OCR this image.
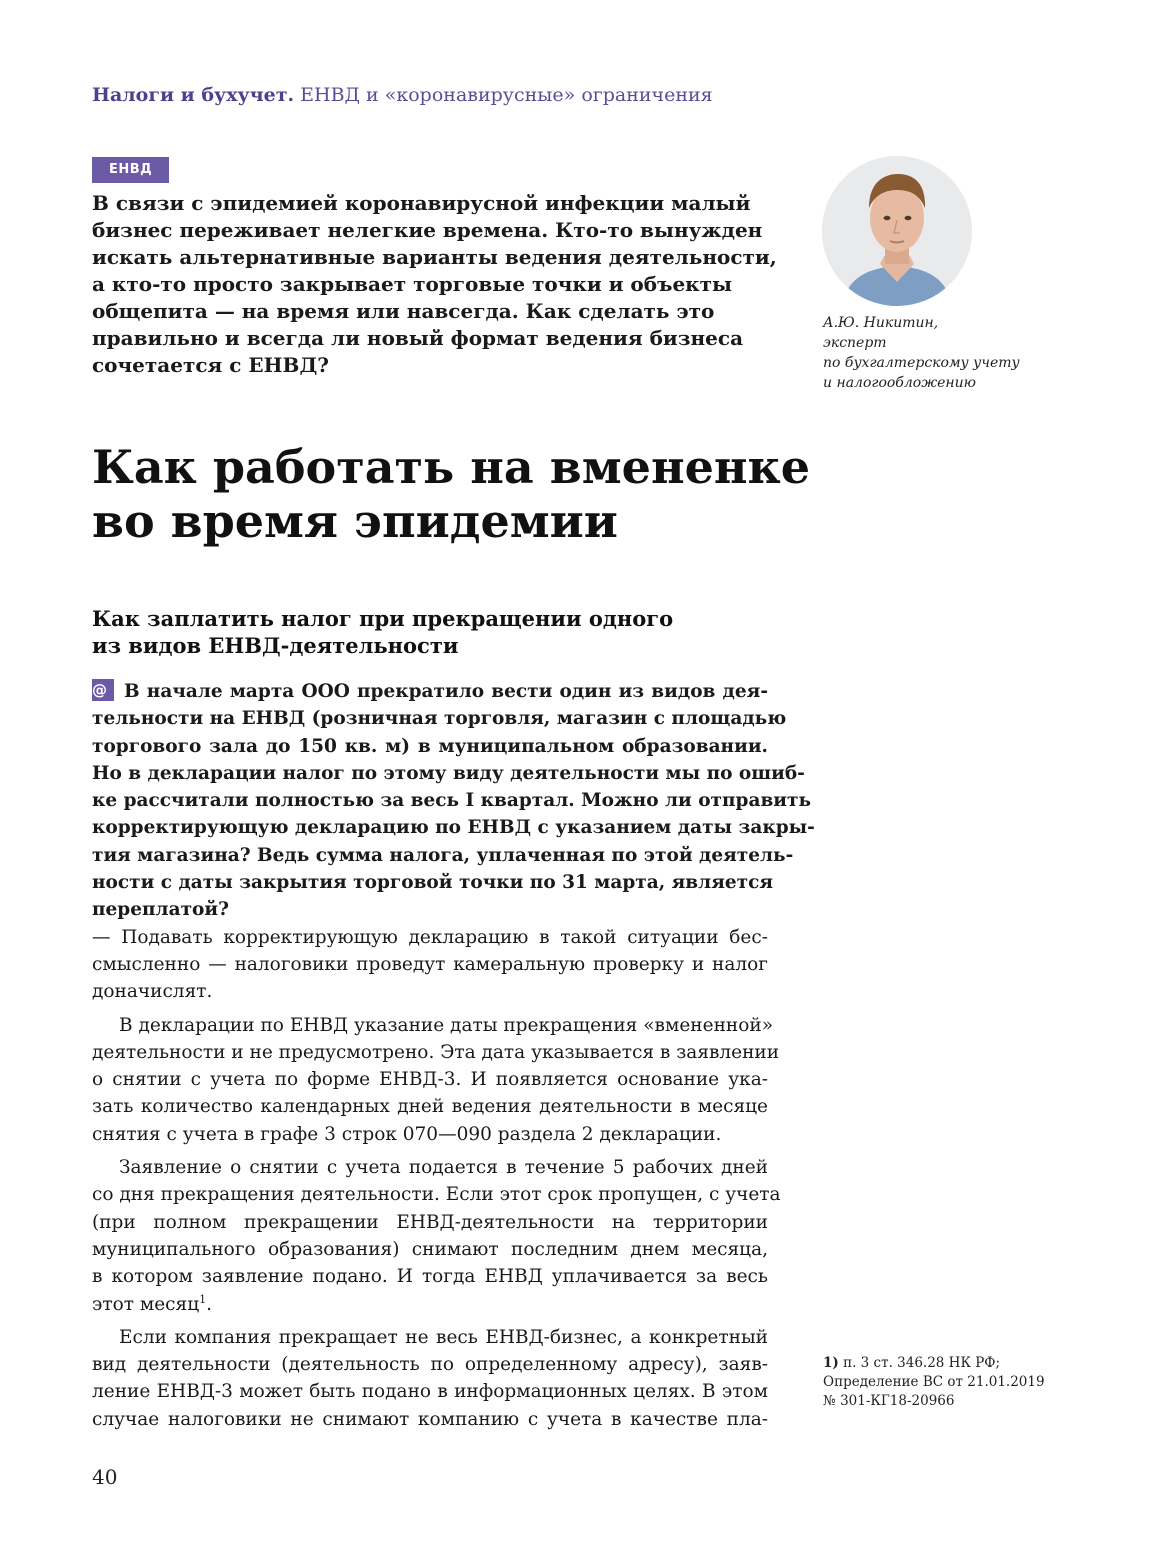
Налоги и бухучет. ЕНВД и «коронавирусные» ограничения
ЕНВД

В связи с эпидемией коронавирусной инфекции малый

бизнес переживает нелегкие времена. Кто-то вынужден

искать альтернативные варианты ведения деятельности,

а кто-то просто закрывает торговые точки и объекты

общепита — на время или навсегда. Как сделать это

правильно и всегда ли новый формат ведения бизнеса

сочетается с ЕНВД?

А.Ю. Никитин,
эксперт
по бухгалтерскому учету
и налогообложению
Как работать на вмененке
во время эпидемии
Как заплатить налог при прекращении одного
из видов ЕНВД-деятельности
@ В начале марта ООО прекратило вести один из видов дея-
тельности на ЕНВД (розничная торговля, магазин с площадью
торгового зала до 150 кв. м) в муниципальном образовании.
Но в декларации налог по этому виду деятельности мы по ошиб-
ке рассчитали полностью за весь I квартал. Можно ли отправить
корректирующую декларацию по ЕНВД с указанием даты закры-
тия магазина? Ведь сумма налога, уплаченная по этой деятель-
ности с даты закрытия торговой точки по 31 марта, является
переплатой?
— Подавать корректирующую декларацию в такой ситуации бес-
смысленно — налоговики проведут камеральную проверку и налог
доначислят.
В декларации по ЕНВД указание даты прекращения «вмененной»
деятельности и не предусмотрено. Эта дата указывается в заявлении
о снятии с учета по форме ЕНВД-3. И появляется основание ука-
зать количество календарных дней ведения деятельности в месяце
снятия с учета в графе 3 строк 070—090 раздела 2 декларации.
Заявление о снятии с учета подается в течение 5 рабочих дней
со дня прекращения деятельности. Если этот срок пропущен, с учета
(при полном прекращении ЕНВД-деятельности на территории
муниципального образования) снимают последним днем месяца,
в котором заявление подано. И тогда ЕНВД уплачивается за весь
этот месяц$^1$.
Если компания прекращает не весь ЕНВД-бизнес, а конкретный
вид деятельности (деятельность по определенному адресу), заяв-
ление ЕНВД-3 может быть подано в информационных целях. В этом
случае налоговики не снимают компанию с учета в качестве пла-
1) п. 3 ст. 346.28 НК РФ;
Определение ВС от 21.01.2019
№ 301-КГ18-20966
40
